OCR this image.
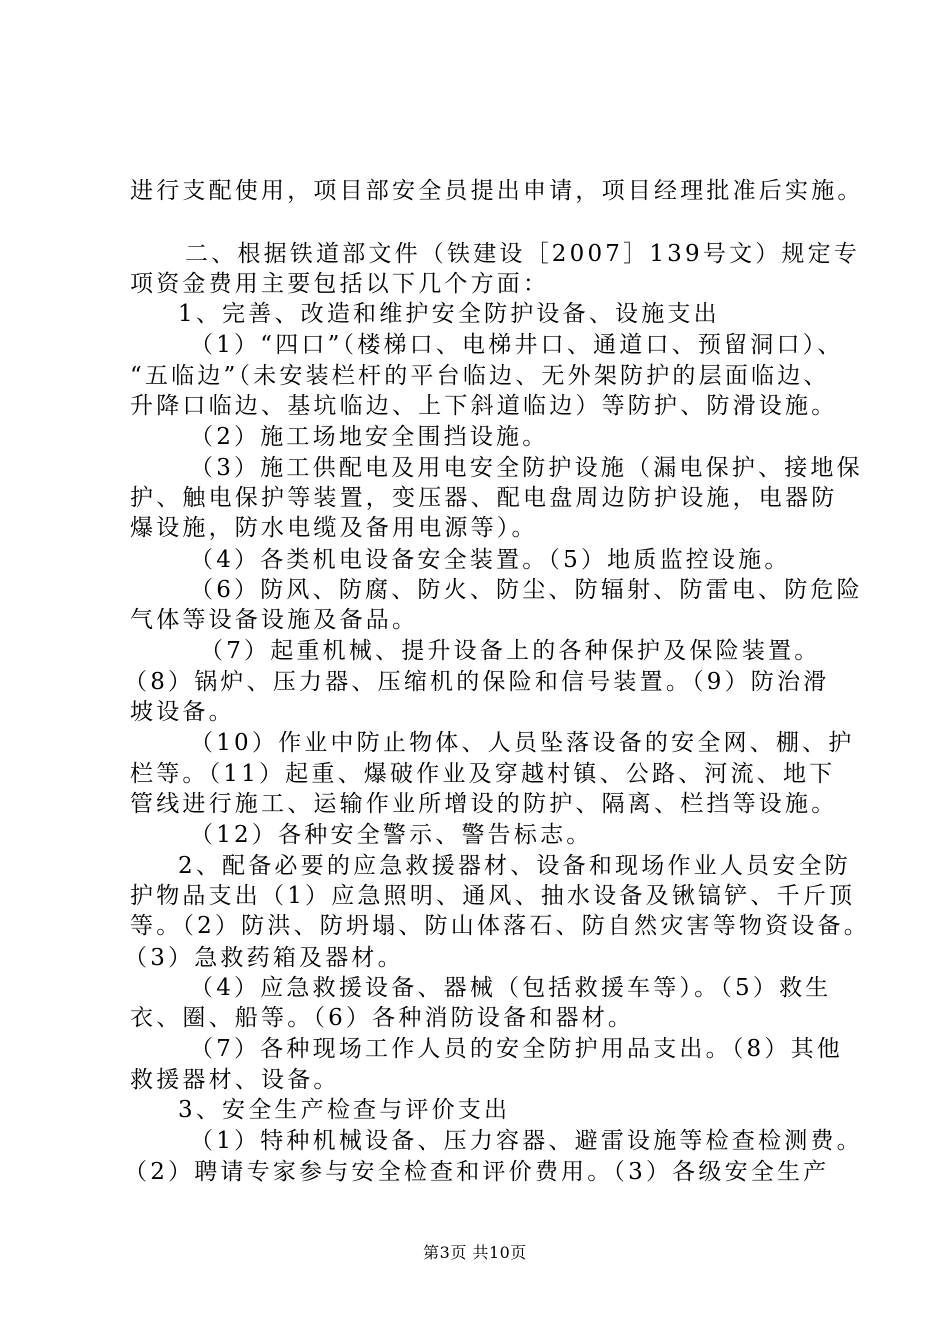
进行支配使用，项目部安全员提出申请，项目经理批准后实施。
二、根据铁道部文件（铁建设［2007］139号文）规定专
项资金费用主要包括以下几个方面：
1、完善、改造和维护安全防护设备、设施支出
（1）“四口”（楼梯口、电梯井口、通道口、预留洞口）、
“五临边”（未安装栏杆的平台临边、无外架防护的层面临边、
升降口临边、基坑临边、上下斜道临边）等防护、防滑设施。
（2）施工场地安全围挡设施。
（3）施工供配电及用电安全防护设施（漏电保护、接地保
护、触电保护等装置，变压器、配电盘周边防护设施，电器防
爆设施，防水电缆及备用电源等）。
（4）各类机电设备安全装置。（5）地质监控设施。
（6）防风、防腐、防火、防尘、防辐射、防雷电、防危险
气体等设备设施及备品。
（7）起重机械、提升设备上的各种保护及保险装置。
（8）锅炉、压力器、压缩机的保险和信号装置。（9）防治滑
坡设备。
（10）作业中防止物体、人员坠落设备的安全网、棚、护
栏等。（11）起重、爆破作业及穿越村镇、公路、河流、地下
管线进行施工、运输作业所增设的防护、隔离、栏挡等设施。
（12）各种安全警示、警告标志。
2、配备必要的应急救援器材、设备和现场作业人员安全防
护物品支出（1）应急照明、通风、抽水设备及锹镐铲、千斤顶
等。（2）防洪、防坍塌、防山体落石、防自然灾害等物资设备。
（3）急救药箱及器材。
（4）应急救援设备、器械（包括救援车等）。（5）救生
衣、圈、船等。（6）各种消防设备和器材。
（7）各种现场工作人员的安全防护用品支出。（8）其他
救援器材、设备。
3、安全生产检查与评价支出
（1）特种机械设备、压力容器、避雷设施等检查检测费。
（2）聘请专家参与安全检查和评价费用。（3）各级安全生产
第3页 共10页
